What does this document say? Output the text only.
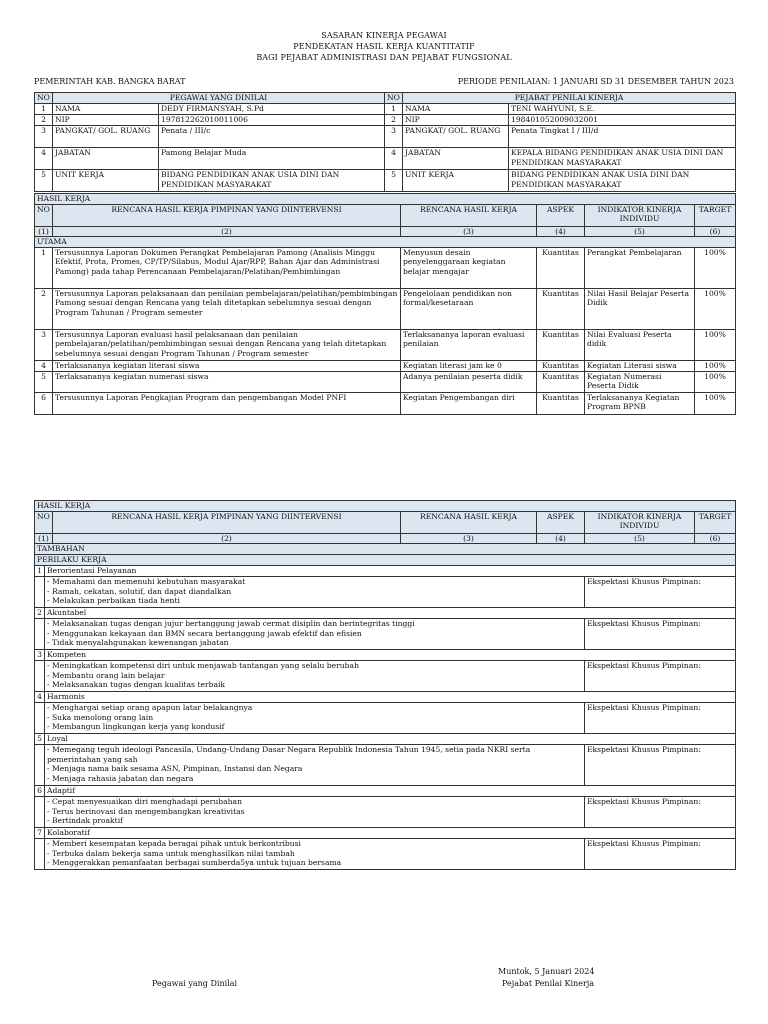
SASARAN KINERJA PEGAWAI
PENDEKATAN HASIL KERJA KUANTITATIF
BAGI PEJABAT ADMINISTRASI DAN PEJABAT FUNGSIONAL
PEMERINTAH KAB. BANGKA BARAT	PERIODE PENILAIAN: 1 JANUARI SD 31 DESEMBER TAHUN 2023
NO	PEGAWAI YANG DINILAI		NO	PEJABAT PENILAI KINERJA	
1	NAMA	DEDY FIRMANSYAH, S.Pd	1	NAMA	TENI WAHYUNI, S.E.
2	NIP	197812262010011006	2	NIP	198401052009032001
3	PANGKAT/ GOL. RUANG	Penata / III/c	3	PANGKAT/ GOL. RUANG	Penata Tingkat I / III/d
4	JABATAN	Pamong Belajar Muda	4	JABATAN	KEPALA BIDANG PENDIDIKAN ANAK USIA DINI DAN PENDIDIKAN MASYARAKAT
5	UNIT KERJA	BIDANG PENDIDIKAN ANAK USIA DINI DAN PENDIDIKAN MASYARAKAT	5	UNIT KERJA	BIDANG PENDIDIKAN ANAK USIA DINI DAN PENDIDIKAN MASYARAKAT
HASIL KERJA					
NO	RENCANA HASIL KERJA PIMPINAN YANG DIINTERVENSI	RENCANA HASIL KERJA	ASPEK	INDIKATOR KINERJA INDIVIDU	TARGET
(1)	(2)	(3)	(4)	(5)	(6)
UTAMA					
1	Tersusunnya Laporan Dokumen Perangkat Pembelajaran Pamong (Analisis Minggu Efektif, Prota, Promes, CP/TP/Silabus, Modul Ajar/RPP, Bahan Ajar dan Administrasi Pamong) pada tahap Perencanaan Pembelajaran/Pelatihan/Pembimbingan	Menyusun desain penyelenggaraan kegiatan belajar mengajar	Kuantitas	Perangkat Pembelajaran	100%
2	Tersusunnya Laporan pelaksanaan dan penilaian pembelajaran/pelatihan/pembimbingan Pamong sesuai dengan Rencana yang telah ditetapkan sebelumnya sesuai dengan Program Tahunan / Program semester	Pengelolaan pendidikan non formal/kesetaraan	Kuantitas	Nilai Hasil Belajar Peserta Didik	100%
3	Tersusunnya Laporan evaluasi hasil pelaksanaan dan penilaian pembelajaran/pelatihan/pembimbingan sesuai dengan Rencana yang telah ditetapkan sebelumnya sesuai dengan Program Tahunan / Program semester	Terlaksananya laporan evaluasi penilaian	Kuantitas	Nilai Evaluasi Peserta didik	100%
4	Terlaksananya kegiatan literasi siswa	Kegiatan literasi jam ke 0	Kuantitas	Kegiatan Literasi siswa	100%
5	Terlaksananya kegiatan numerasi siswa	Adanya penilaian peserta didik	Kuantitas	Kegiatan Numerasi Peserta Didik	100%
6	Tersusunnya Laporan Pengkajian Program dan pengembangan Model PNFI	Kegiatan Pengembangan diri	Kuantitas	Terlaksananya Kegiatan Program BPNB	100%
HASIL KERJA						
NO		RENCANA HASIL KERJA PIMPINAN YANG DIINTERVENSI	RENCANA HASIL KERJA	ASPEK	INDIKATOR KINERJA INDIVIDU	TARGET
(1)		(2)	(3)	(4)	(5)	(6)
TAMBAHAN						
PERILAKU KERJA						
1	Berorientasi Pelayanan					

	- Memahami dan memenuhi kebutuhan masyarakat
- Ramah, cekatan, solutif, dan dapat diandalkan
- Melakukan perbaikan tiada henti				Ekspektasi Khusus Pimpinan:	
2	Akuntabel					

	- Melaksanakan tugas dengan jujur bertanggung jawab cermat disiplin dan berintegritas tinggi
- Menggunakan kekayaan dan BMN secara bertanggung jawab efektif dan efisien
- Tidak menyalahgunakan kewenangan jabatan				Ekspektasi Khusus Pimpinan:	
3	Kompeten					

	- Meningkatkan kompetensi diri untuk menjawab tantangan yang selalu berubah
- Membantu orang lain belajar
- Melaksanakan tugas dengan kualitas terbaik				Ekspektasi Khusus Pimpinan:	
4	Harmonis					

	- Menghargai setiap orang apapun latar belakangnya
- Suka menolong orang lain
- Membangun lingkungan kerja yang kondusif				Ekspektasi Khusus Pimpinan:	
5	Loyal					

	- Memegang teguh ideologi Pancasila, Undang-Undang Dasar Negara Republik Indonesia Tahun 1945, setia pada NKRI serta
pemerintahan yang sah
- Menjaga nama baik sesama ASN, Pimpinan, Instansi dan Negara
- Menjaga rahasia jabatan dan negara				Ekspektasi Khusus Pimpinan:	
6	Adaptif					

	- Cepat menyesuaikan diri menghadapi perubahan
- Terus berinovasi dan mengembangkan kreativitas
- Bertindak proaktif				Ekspektasi Khusus Pimpinan:	
7	Kolaboratif					

	- Memberi kesempatan kepada beragai pihak untuk berkontribusi
- Terbuka dalam bekerja sama untuk menghasilkan nilai tambah
- Menggerakkan pemanfaatan berbagai sumberda5ya untuk tujuan bersama				Ekspektasi Khusus Pimpinan:	
Muntok, 5 Januari 2024
Pegawai yang Dinilai	Pejabat Penilai Kinerja
